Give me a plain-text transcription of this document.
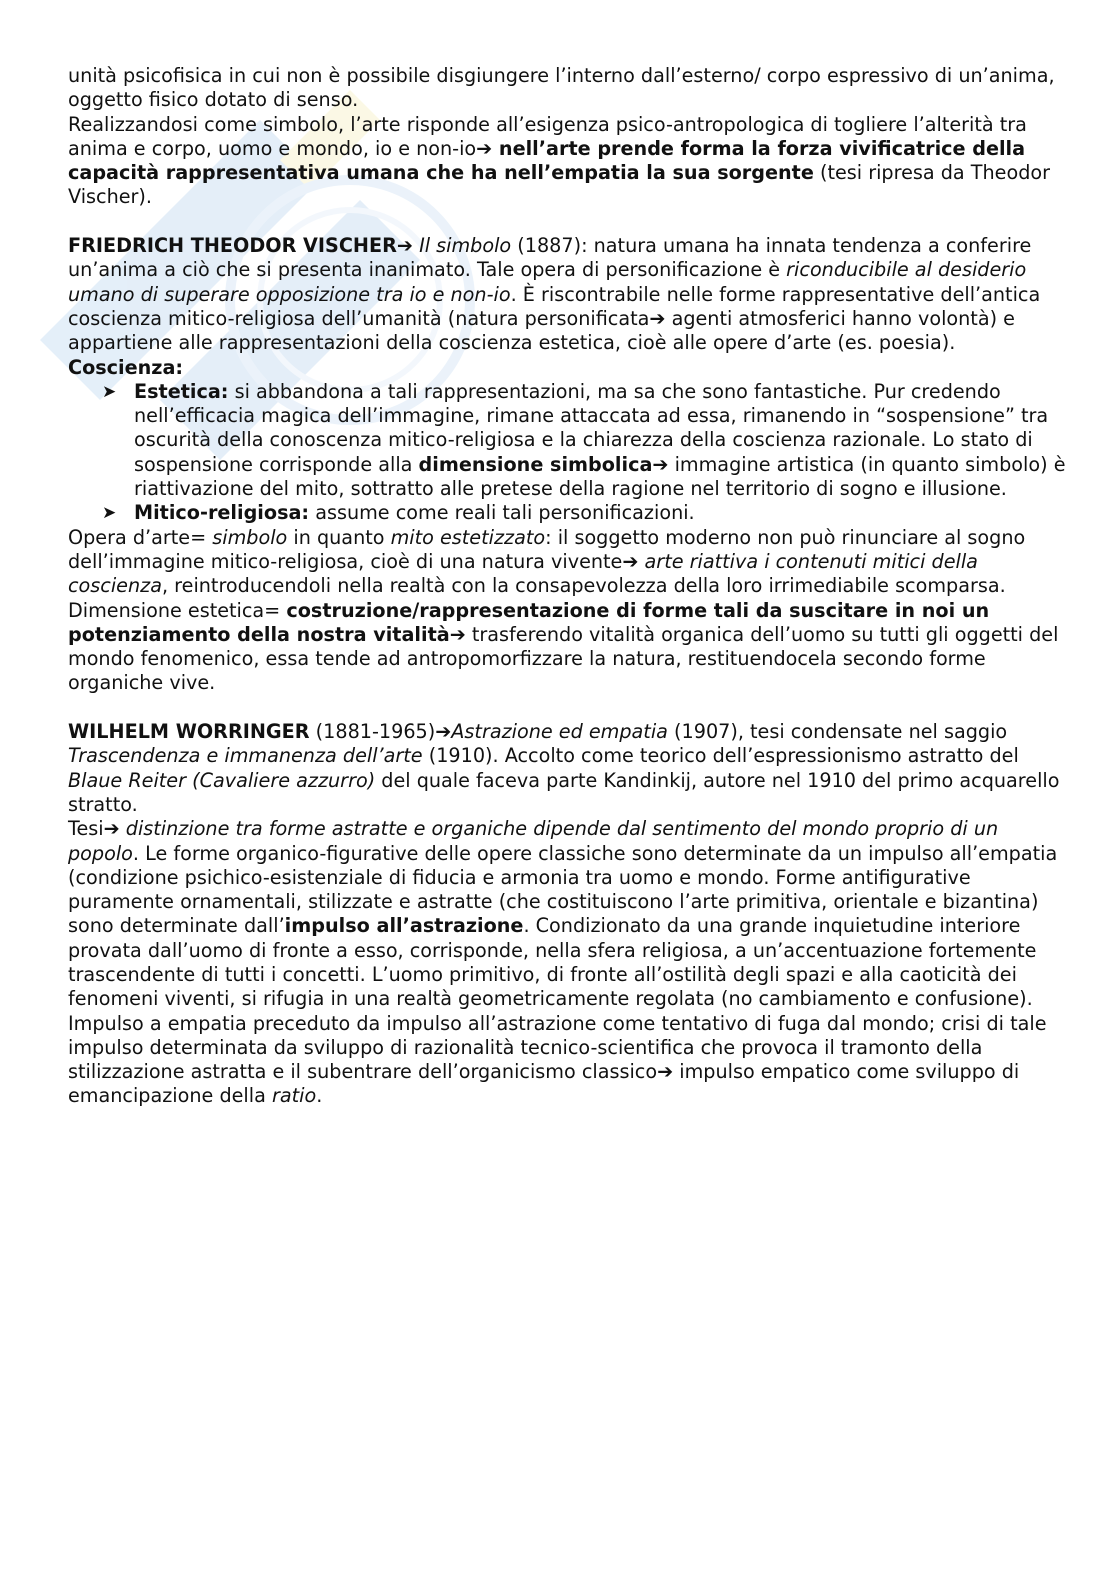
unità psicofisica in cui non è possibile disgiungere l’interno dall’esterno/ corpo espressivo di un’anima, oggetto fisico dotato di senso.

Realizzandosi come simbolo, l’arte risponde all’esigenza psico-antropologica di togliere l’alterità tra anima e corpo, uomo e mondo, io e non-io➔ nell’arte prende forma la forza vivificatrice della capacità rappresentativa umana che ha nell’empatia la sua sorgente (tesi ripresa da Theodor Vischer).

FRIEDRICH THEODOR VISCHER➔ Il simbolo (1887): natura umana ha innata tendenza a conferire un’anima a ciò che si presenta inanimato. Tale opera di personificazione è riconducibile al desiderio umano di superare opposizione tra io e non-io. È riscontrabile nelle forme rappresentative dell’antica coscienza mitico-religiosa dell’umanità (natura personificata➔ agenti atmosferici hanno volontà) e appartiene alle rappresentazioni della coscienza estetica, cioè alle opere d’arte (es. poesia).

Coscienza:

➤ Estetica: si abbandona a tali rappresentazioni, ma sa che sono fantastiche. Pur credendo nell’efficacia magica dell’immagine, rimane attaccata ad essa, rimanendo in “sospensione” tra oscurità della conoscenza mitico-religiosa e la chiarezza della coscienza razionale. Lo stato di sospensione corrisponde alla dimensione simbolica➔ immagine artistica (in quanto simbolo) è riattivazione del mito, sottratto alle pretese della ragione nel territorio di sogno e illusione.

➤ Mitico-religiosa: assume come reali tali personificazioni.

Opera d’arte= simbolo in quanto mito estetizzato: il soggetto moderno non può rinunciare al sogno dell’immagine mitico-religiosa, cioè di una natura vivente➔ arte riattiva i contenuti mitici della coscienza, reintroducendoli nella realtà con la consapevolezza della loro irrimediabile scomparsa.

Dimensione estetica= costruzione/rappresentazione di forme tali da suscitare in noi un potenziamento della nostra vitalità➔ trasferendo vitalità organica dell’uomo su tutti gli oggetti del mondo fenomenico, essa tende ad antropomorfizzare la natura, restituendocela secondo forme organiche vive.

WILHELM WORRINGER (1881-1965)➔Astrazione ed empatia (1907), tesi condensate nel saggio Trascendenza e immanenza dell’arte (1910). Accolto come teorico dell’espressionismo astratto del Blaue Reiter (Cavaliere azzurro) del quale faceva parte Kandinkij, autore nel 1910 del primo acquarello stratto.

Tesi➔ distinzione tra forme astratte e organiche dipende dal sentimento del mondo proprio di un popolo. Le forme organico-figurative delle opere classiche sono determinate da un impulso all’empatia (condizione psichico-esistenziale di fiducia e armonia tra uomo e mondo. Forme antifigurative puramente ornamentali, stilizzate e astratte (che costituiscono l’arte primitiva, orientale e bizantina) sono determinate dall’impulso all’astrazione. Condizionato da una grande inquietudine interiore provata dall’uomo di fronte a esso, corrisponde, nella sfera religiosa, a un’accentuazione fortemente trascendente di tutti i concetti. L’uomo primitivo, di fronte all’ostilità degli spazi e alla caoticità dei fenomeni viventi, si rifugia in una realtà geometricamente regolata (no cambiamento e confusione).

Impulso a empatia preceduto da impulso all’astrazione come tentativo di fuga dal mondo; crisi di tale impulso determinata da sviluppo di razionalità tecnico-scientifica che provoca il tramonto della stilizzazione astratta e il subentrare dell’organicismo classico➔ impulso empatico come sviluppo di emancipazione della ratio.
